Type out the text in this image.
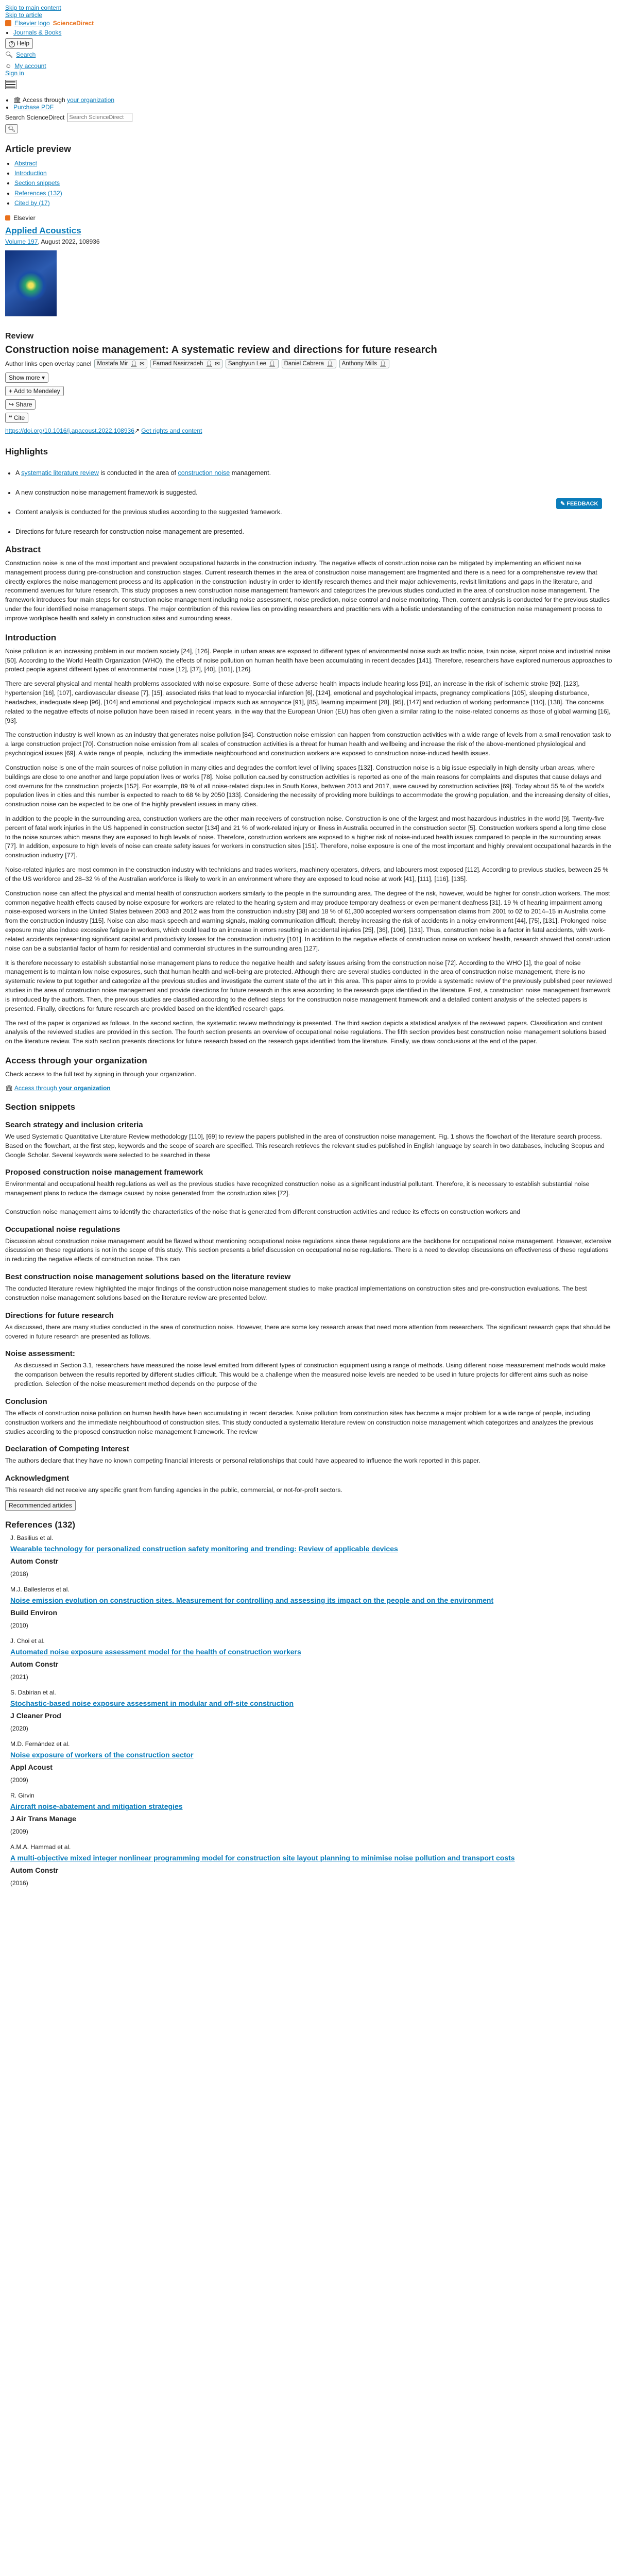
Skip to main content
Skip to article
Elsevier logo ScienceDirect
• Journals & Books
? Help
🔍︎ Search
☺ My account
Sign in
• 🏛︎ Access through your organization
• Purchase PDF
Search ScienceDirect
Search ScienceDirect
🔍︎
Article preview
• Abstract
• Introduction
• Section snippets
• References (132)
• Cited by (17)
Elsevier
Applied Acoustics
Volume 197, August 2022, 108936
Review
Construction noise management: A systematic review and directions for future research
Author links open overlay panel Mostafa Mir 👤︎ ✉ Farnad Nasirzadeh 👤︎ ✉ Sanghyun Lee 👤︎ Daniel Cabrera 👤︎ Anthony Mills 👤︎
✎ FEEDBACK
Show more ▾
+ Add to Mendeley
↪ Share
❝ Cite
https://doi.org/10.1016/j.apacoust.2022.108936↗ Get rights and content
Highlights
• A systematic literature review is conducted in the area of construction noise management.
• A new construction noise management framework is suggested.
• Content analysis is conducted for the previous studies according to the suggested framework.
• Directions for future research for construction noise management are presented.
Abstract

Construction noise is one of the most important and prevalent occupational hazards in the construction industry. The negative effects of construction noise can be mitigated by implementing an efficient noise management process during pre-construction and construction stages. Current research themes in the area of construction noise management are fragmented and there is a need for a comprehensive review that directly explores the noise management process and its application in the construction industry in order to identify research themes and their major achievements, revisit limitations and gaps in the literature, and recommend avenues for future research. This study proposes a new construction noise management framework and categorizes the previous studies conducted in the area of construction noise management. The framework introduces four main steps for construction noise management including noise assessment, noise prediction, noise control and noise monitoring. Then, content analysis is conducted for the previous studies under the four identified noise management steps. The major contribution of this review lies on providing researchers and practitioners with a holistic understanding of the construction noise management process to improve workplace health and safety in construction sites and surrounding areas.

Introduction

Noise pollution is an increasing problem in our modern society [24], [126]. People in urban areas are exposed to different types of environmental noise such as traffic noise, train noise, airport noise and industrial noise [50]. According to the World Health Organization (WHO), the effects of noise pollution on human health have been accumulating in recent decades [141]. Therefore, researchers have explored numerous approaches to protect people against different types of environmental noise [12], [37], [40], [101], [126].

There are several physical and mental health problems associated with noise exposure. Some of these adverse health impacts include hearing loss [91], an increase in the risk of ischemic stroke [92], [123], hypertension [16], [107], cardiovascular disease [7], [15], associated risks that lead to myocardial infarction [6], [124], emotional and psychological impacts, pregnancy complications [105], sleeping disturbance, headaches, inadequate sleep [96], [104] and emotional and psychological impacts such as annoyance [91], [85], learning impairment [28], [95], [147] and reduction of working performance [110], [138]. The concerns related to the negative effects of noise pollution have been raised in recent years, in the way that the European Union (EU) has often given a similar rating to the noise-related concerns as those of global warming [16], [93].

The construction industry is well known as an industry that generates noise pollution [84]. Construction noise emission can happen from construction activities with a wide range of levels from a small renovation task to a large construction project [70]. Construction noise emission from all scales of construction activities is a threat for human health and wellbeing and increase the risk of the above-mentioned physiological and psychological issues [69]. A wide range of people, including the immediate neighbourhood and construction workers are exposed to construction noise-induced health issues.

Construction noise is one of the main sources of noise pollution in many cities and degrades the comfort level of living spaces [132]. Construction noise is a big issue especially in high density urban areas, where buildings are close to one another and large population lives or works [78]. Noise pollution caused by construction activities is reported as one of the main reasons for complaints and disputes that cause delays and cost overruns for the construction projects [152]. For example, 89 % of all noise-related disputes in South Korea, between 2013 and 2017, were caused by construction activities [69]. Today about 55 % of the world's population lives in cities and this number is expected to reach to 68 % by 2050 [133]. Considering the necessity of providing more buildings to accommodate the growing population, and the increasing density of cities, construction noise can be expected to be one of the highly prevalent issues in many cities.

In addition to the people in the surrounding area, construction workers are the other main receivers of construction noise. Construction is one of the largest and most hazardous industries in the world [9]. Twenty-five percent of fatal work injuries in the US happened in construction sector [134] and 21 % of work-related injury or illness in Australia occurred in the construction sector [5]. Construction workers spend a long time close to the noise sources which means they are exposed to high levels of noise. Therefore, construction workers are exposed to a higher risk of noise-induced health issues compared to people in the surrounding areas [77]. In addition, exposure to high levels of noise can create safety issues for workers in construction sites [151]. Therefore, noise exposure is one of the most important and highly prevalent occupational hazards in the construction industry [77].

Noise-related injuries are most common in the construction industry with technicians and trades workers, machinery operators, drivers, and labourers most exposed [112]. According to previous studies, between 25 % of the US workforce and 28–32 % of the Australian workforce is likely to work in an environment where they are exposed to loud noise at work [41], [111], [116], [135].

Construction noise can affect the physical and mental health of construction workers similarly to the people in the surrounding area. The degree of the risk, however, would be higher for construction workers. The most common negative health effects caused by noise exposure for workers are related to the hearing system and may produce temporary deafness or even permanent deafness [31]. 19 % of hearing impairment among noise-exposed workers in the United States between 2003 and 2012 was from the construction industry [38] and 18 % of 61,300 accepted workers compensation claims from 2001 to 02 to 2014–15 in Australia come from the construction industry [115]. Noise can also mask speech and warning signals, making communication difficult, thereby increasing the risk of accidents in a noisy environment [44], [75], [131]. Prolonged noise exposure may also induce excessive fatigue in workers, which could lead to an increase in errors resulting in accidental injuries [25], [36], [106], [131]. Thus, construction noise is a factor in fatal accidents, with work-related accidents representing significant capital and productivity losses for the construction industry [101]. In addition to the negative effects of construction noise on workers' health, research showed that construction noise can be a substantial factor of harm for residential and commercial structures in the surrounding area [127].

It is therefore necessary to establish substantial noise management plans to reduce the negative health and safety issues arising from the construction noise [72]. According to the WHO [1], the goal of noise management is to maintain low noise exposures, such that human health and well-being are protected. Although there are several studies conducted in the area of construction noise management, there is no systematic review to put together and categorize all the previous studies and investigate the current state of the art in this area. This paper aims to provide a systematic review of the previously published peer reviewed studies in the area of construction noise management and provide directions for future research in this area according to the research gaps identified in the literature. First, a construction noise management framework is introduced by the authors. Then, the previous studies are classified according to the defined steps for the construction noise management framework and a detailed content analysis of the selected papers is presented. Finally, directions for future research are provided based on the identified research gaps.

The rest of the paper is organized as follows. In the second section, the systematic review methodology is presented. The third section depicts a statistical analysis of the reviewed papers. Classification and content analysis of the reviewed studies are provided in this section. The fourth section presents an overview of occupational noise regulations. The fifth section provides best construction noise management solutions based on the literature review. The sixth section presents directions for future research based on the research gaps identified from the literature. Finally, we draw conclusions at the end of the paper.

Access through your organization

Check access to the full text by signing in through your organization.

🏛︎ Access through your organization
Section snippets
Search strategy and inclusion criteria

We used Systematic Quantitative Literature Review methodology [110], [69] to review the papers published in the area of construction noise management. Fig. 1 shows the flowchart of the literature search process. Based on the flowchart, at the first step, keywords and the scope of search are specified. This research retrieves the relevant studies published in English language by search in two databases, including Scopus and Google Scholar. Several keywords were selected to be searched in these

Proposed construction noise management framework

Environmental and occupational health regulations as well as the previous studies have recognized construction noise as a significant industrial pollutant. Therefore, it is necessary to establish substantial noise management plans to reduce the damage caused by noise generated from the construction sites [72].

Construction noise management aims to identify the characteristics of the noise that is generated from different construction activities and reduce its effects on construction workers and

Occupational noise regulations

Discussion about construction noise management would be flawed without mentioning occupational noise regulations since these regulations are the backbone for occupational noise management. However, extensive discussion on these regulations is not in the scope of this study. This section presents a brief discussion on occupational noise regulations. There is a need to develop discussions on effectiveness of these regulations in reducing the negative effects of construction noise. This can

Best construction noise management solutions based on the literature review

The conducted literature review highlighted the major findings of the construction noise management studies to make practical implementations on construction sites and pre-construction evaluations. The best construction noise management solutions based on the literature review are presented below.

Directions for future research

As discussed, there are many studies conducted in the area of construction noise. However, there are some key research areas that need more attention from researchers. The significant research gaps that should be covered in future research are presented as follows.

Noise assessment:

As discussed in Section 3.1, researchers have measured the noise level emitted from different types of construction equipment using a range of methods. Using different noise measurement methods would make the comparison between the results reported by different studies difficult. This would be a challenge when the measured noise levels are needed to be used in future projects for different aims such as noise prediction. Selection of the noise measurement method depends on the purpose of the

Conclusion

The effects of construction noise pollution on human health have been accumulating in recent decades. Noise pollution from construction sites has become a major problem for a wide range of people, including construction workers and the immediate neighbourhood of construction sites. This study conducted a systematic literature review on construction noise management which categorizes and analyzes the previous studies according to the proposed construction noise management framework. The review

Declaration of Competing Interest

The authors declare that they have no known competing financial interests or personal relationships that could have appeared to influence the work reported in this paper.

Acknowledgment

This research did not receive any specific grant from funding agencies in the public, commercial, or not-for-profit sectors.

Recommended articles
References (132)
J. Basilius et al.
Wearable technology for personalized construction safety monitoring and trending: Review of applicable devices
Autom Constr
(2018)
M.J. Ballesteros et al.
Noise emission evolution on construction sites. Measurement for controlling and assessing its impact on the people and on the environment
Build Environ
(2010)
J. Choi et al.
Automated noise exposure assessment model for the health of construction workers
Autom Constr
(2021)
S. Dabirian et al.
Stochastic-based noise exposure assessment in modular and off-site construction
J Cleaner Prod
(2020)
M.D. Fernández et al.
Noise exposure of workers of the construction sector
Appl Acoust
(2009)
R. Girvin
Aircraft noise-abatement and mitigation strategies
J Air Trans Manage
(2009)
A.M.A. Hammad et al.
A multi-objective mixed integer nonlinear programming model for construction site layout planning to minimise noise pollution and transport costs
Autom Constr
(2016)
